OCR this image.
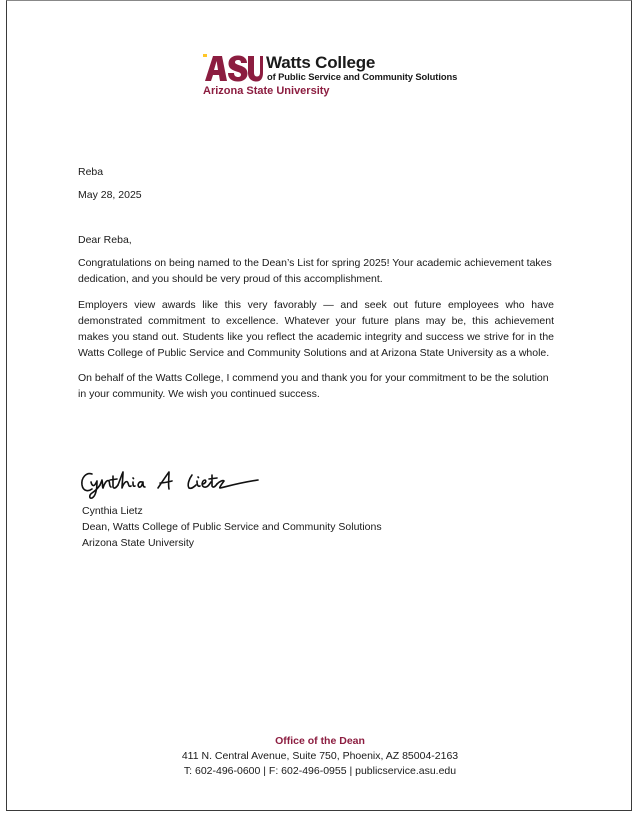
Watts College
of Public Service and Community Solutions
Arizona State University
Reba
May 28, 2025
Dear Reba,

Congratulations on being named to the Dean’s List for spring 2025! Your academic achievement takes dedication, and you should be very proud of this accomplishment.

Employers view awards like this very favorably — and seek out future employees who have demonstrated commitment to excellence. Whatever your future plans may be, this achievement makes you stand out. Students like you reflect the academic integrity and success we strive for in the Watts College of Public Service and Community Solutions and at Arizona State University as a whole.

On behalf of the Watts College, I commend you and thank you for your commitment to be the solution in your community. We wish you continued success.

Cynthia Lietz
Dean, Watts College of Public Service and Community Solutions
Arizona State University
Office of the Dean
411 N. Central Avenue, Suite 750, Phoenix, AZ 85004-2163
T: 602-496-0600 | F: 602-496-0955 | publicservice.asu.edu
